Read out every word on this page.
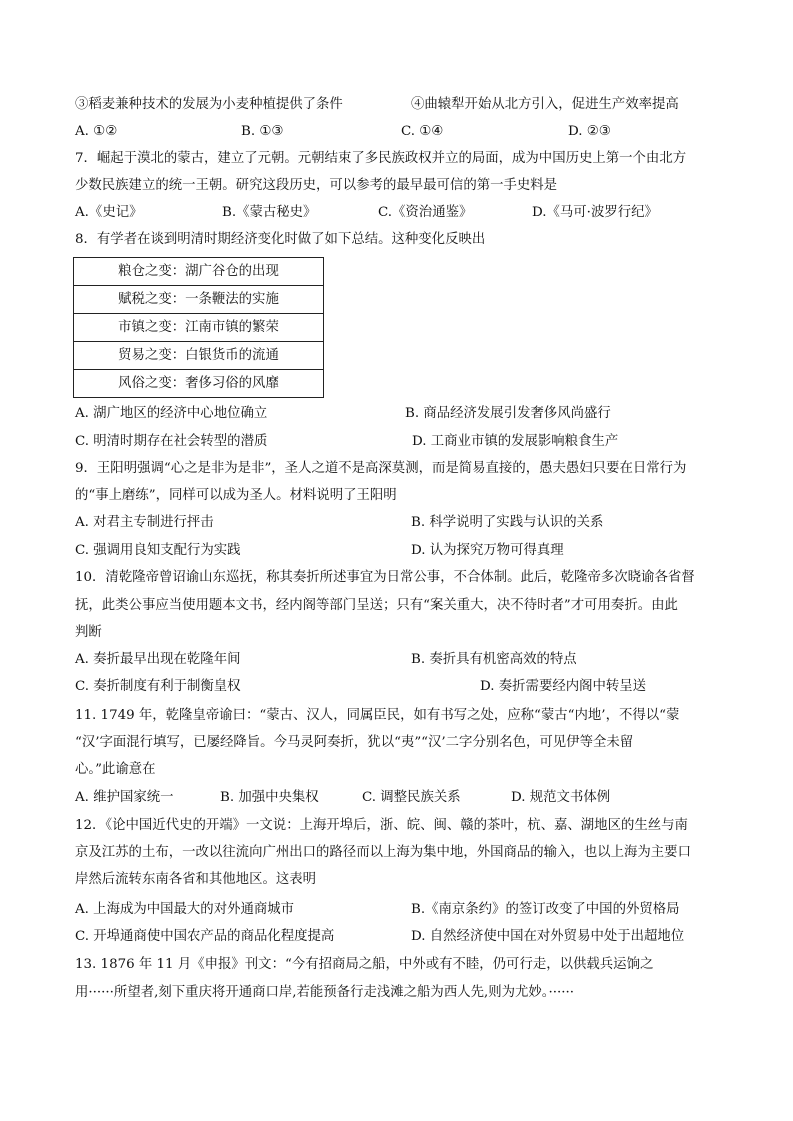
③稻麦兼种技术的发展为小麦种植提供了条件	④曲辕犁开始从北方引入，促进生产效率提高
A. ①②	B. ①③	C. ①④	D. ②③
7．崛起于漠北的蒙古，建立了元朝。元朝结束了多民族政权并立的局面，成为中国历史上第一个由北方
少数民族建立的统一王朝。研究这段历史，可以参考的最早最可信的第一手史料是
A.《史记》	B.《蒙古秘史》	C.《资治通鉴》	D.《马可·波罗行纪》
8．有学者在谈到明清时期经济变化时做了如下总结。这种变化反映出
粮仓之变：湖广谷仓的出现
赋税之变：一条鞭法的实施
市镇之变：江南市镇的繁荣
贸易之变：白银货币的流通
风俗之变：奢侈习俗的风靡
A. 湖广地区的经济中心地位确立	B. 商品经济发展引发奢侈风尚盛行
C. 明清时期存在社会转型的潜质	D. 工商业市镇的发展影响粮食生产
9．王阳明强调“心之是非为是非”，圣人之道不是高深莫测，而是简易直接的，愚夫愚妇只要在日常行为
的“事上磨练”，同样可以成为圣人。材料说明了王阳明
A. 对君主专制进行抨击	B. 科学说明了实践与认识的关系
C. 强调用良知支配行为实践	D. 认为探究万物可得真理
10．清乾隆帝曾诏谕山东巡抚，称其奏折所述事宜为日常公事，不合体制。此后，乾隆帝多次晓谕各省督
抚，此类公事应当使用题本文书，经内阁等部门呈送；只有“案关重大，决不待时者”才可用奏折。由此
判断
A. 奏折最早出现在乾隆年间	B. 奏折具有机密高效的特点
C. 奏折制度有利于制衡皇权	D. 奏折需要经内阁中转呈送
11. 1749 年，乾隆皇帝谕曰：“蒙古、汉人，同属臣民，如有书写之处，应称“蒙古“内地’，不得以“蒙
“汉’字面混行填写，已屡经降旨。今马灵阿奏折，犹以“夷”“汉’二字分别名色，可见伊等全未留
心。”此谕意在
A. 维护国家统一	B. 加强中央集权	C. 调整民族关系	D. 规范文书体例
12．《论中国近代史的开端》一文说：上海开埠后，浙、皖、闽、赣的茶叶，杭、嘉、湖地区的生丝与南
京及江苏的土布，一改以往流向广州出口的路径而以上海为集中地，外国商品的输入，也以上海为主要口
岸然后流转东南各省和其他地区。这表明
A. 上海成为中国最大的对外通商城市	B.《南京条约》的签订改变了中国的外贸格局
C. 开埠通商使中国农产品的商品化程度提高	D. 自然经济使中国在对外贸易中处于出超地位
13. 1876 年 11 月《申报》刊文：“今有招商局之船，中外或有不睦，仍可行走，以供载兵运饷之
用······所望者,刻下重庆将开通商口岸,若能预备行走浅滩之船为西人先,则为尤妙。······
